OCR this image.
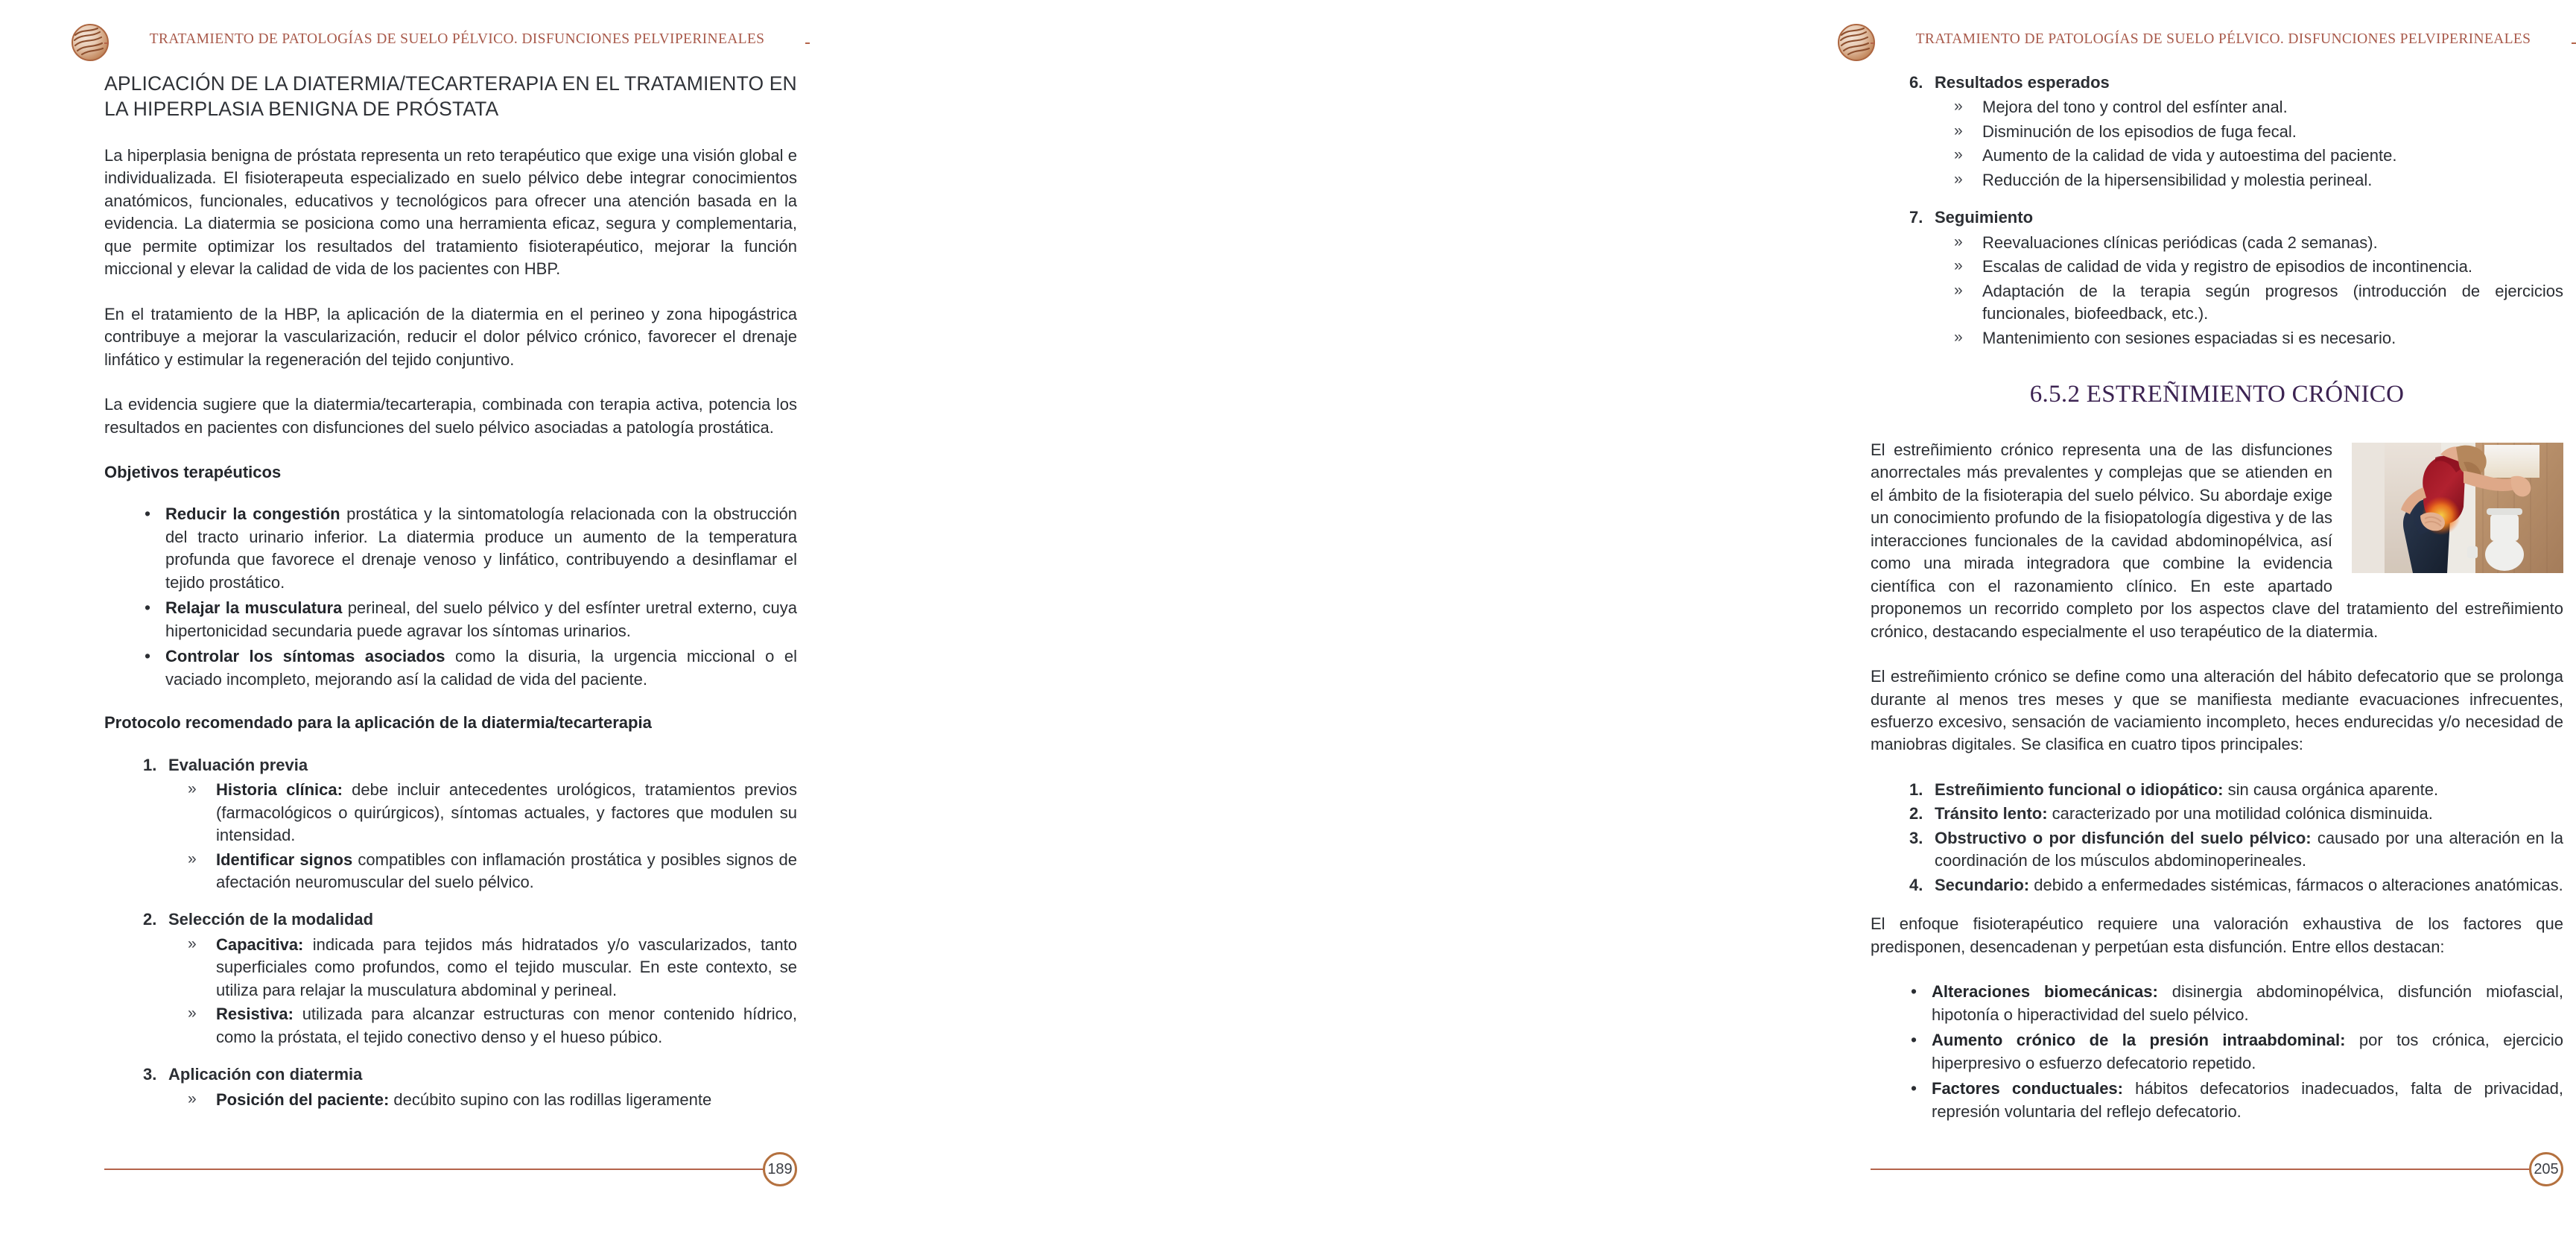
TRATAMIENTO DE PATOLOGÍAS DE SUELO PÉLVICO. DISFUNCIONES PELVIPERINEALES
APLICACIÓN DE LA DIATERMIA/TECARTERAPIA EN EL TRATAMIENTO EN LA HIPERPLASIA BENIGNA DE PRÓSTATA

La hiperplasia benigna de próstata representa un reto terapéutico que exige una visión global e individualizada. El fisioterapeuta especializado en suelo pélvico debe integrar conocimientos anatómicos, funcionales, educativos y tecnológicos para ofrecer una atención basada en la evidencia. La diatermia se posiciona como una herramienta eficaz, segura y complementaria, que permite optimizar los resultados del tratamiento fisioterapéutico, mejorar la función miccional y elevar la calidad de vida de los pacientes con HBP.

En el tratamiento de la HBP, la aplicación de la diatermia en el perineo y zona hipogástrica contribuye a mejorar la vascularización, reducir el dolor pélvico crónico, favorecer el drenaje linfático y estimular la regeneración del tejido conjuntivo.

La evidencia sugiere que la diatermia/tecarterapia, combinada con terapia activa, potencia los resultados en pacientes con disfunciones del suelo pélvico asociadas a patología prostática.

Objetivos terapéuticos
• Reducir la congestión prostática y la sintomatología relacionada con la obstrucción del tracto urinario inferior. La diatermia produce un aumento de la temperatura profunda que favorece el drenaje venoso y linfático, contribuyendo a desinflamar el tejido prostático.
• Relajar la musculatura perineal, del suelo pélvico y del esfínter uretral externo, cuya hipertonicidad secundaria puede agravar los síntomas urinarios.
• Controlar los síntomas asociados como la disuria, la urgencia miccional o el vaciado incompleto, mejorando así la calidad de vida del paciente.
Protocolo recomendado para la aplicación de la diatermia/tecarterapia
Evaluación previa
» Historia clínica: debe incluir antecedentes urológicos, tratamientos previos (farmacológicos o quirúrgicos), síntomas actuales, y factores que modulen su intensidad.
» Identificar signos compatibles con inflamación prostática y posibles signos de afectación neuromuscular del suelo pélvico.
Selección de la modalidad
» Capacitiva: indicada para tejidos más hidratados y/o vascularizados, tanto superficiales como profundos, como el tejido muscular. En este contexto, se utiliza para relajar la musculatura abdominal y perineal.
» Resistiva: utilizada para alcanzar estructuras con menor contenido hídrico, como la próstata, el tejido conectivo denso y el hueso púbico.
Aplicación con diatermia
» Posición del paciente: decúbito supino con las rodillas ligeramente
189
TRATAMIENTO DE PATOLOGÍAS DE SUELO PÉLVICO. DISFUNCIONES PELVIPERINEALES
Resultados esperados
» Mejora del tono y control del esfínter anal.
» Disminución de los episodios de fuga fecal.
» Aumento de la calidad de vida y autoestima del paciente.
» Reducción de la hipersensibilidad y molestia perineal.
Seguimiento
» Reevaluaciones clínicas periódicas (cada 2 semanas).
» Escalas de calidad de vida y registro de episodios de incontinencia.
» Adaptación de la terapia según progresos (introducción de ejercicios funcionales, biofeedback, etc.).
» Mantenimiento con sesiones espaciadas si es necesario.
6.5.2 ESTREÑIMIENTO CRÓNICO

El estreñimiento crónico representa una de las disfunciones anorrectales más prevalentes y complejas que se atienden en el ámbito de la fisioterapia del suelo pélvico. Su abordaje exige un conocimiento profundo de la fisiopatología digestiva y de las interacciones funcionales de la cavidad abdominopélvica, así como una mirada integradora que combine la evidencia científica con el razonamiento clínico. En este apartado proponemos un recorrido completo por los aspectos clave del tratamiento del estreñimiento crónico, destacando especialmente el uso terapéutico de la diatermia.

El estreñimiento crónico se define como una alteración del hábito defecatorio que se prolonga durante al menos tres meses y que se manifiesta mediante evacuaciones infrecuentes, esfuerzo excesivo, sensación de vaciamiento incompleto, heces endurecidas y/o necesidad de maniobras digitales. Se clasifica en cuatro tipos principales:

Estreñimiento funcional o idiopático: sin causa orgánica aparente.
Tránsito lento: caracterizado por una motilidad colónica disminuida.
Obstructivo o por disfunción del suelo pélvico: causado por una alteración en la coordinación de los músculos abdominoperineales.
Secundario: debido a enfermedades sistémicas, fármacos o alteraciones anatómicas.

El enfoque fisioterapéutico requiere una valoración exhaustiva de los factores que predisponen, desencadenan y perpetúan esta disfunción. Entre ellos destacan:

• Alteraciones biomecánicas: disinergia abdominopélvica, disfunción miofascial, hipotonía o hiperactividad del suelo pélvico.
• Aumento crónico de la presión intraabdominal: por tos crónica, ejercicio hiperpresivo o esfuerzo defecatorio repetido.
• Factores conductuales: hábitos defecatorios inadecuados, falta de privacidad, represión voluntaria del reflejo defecatorio.
205
